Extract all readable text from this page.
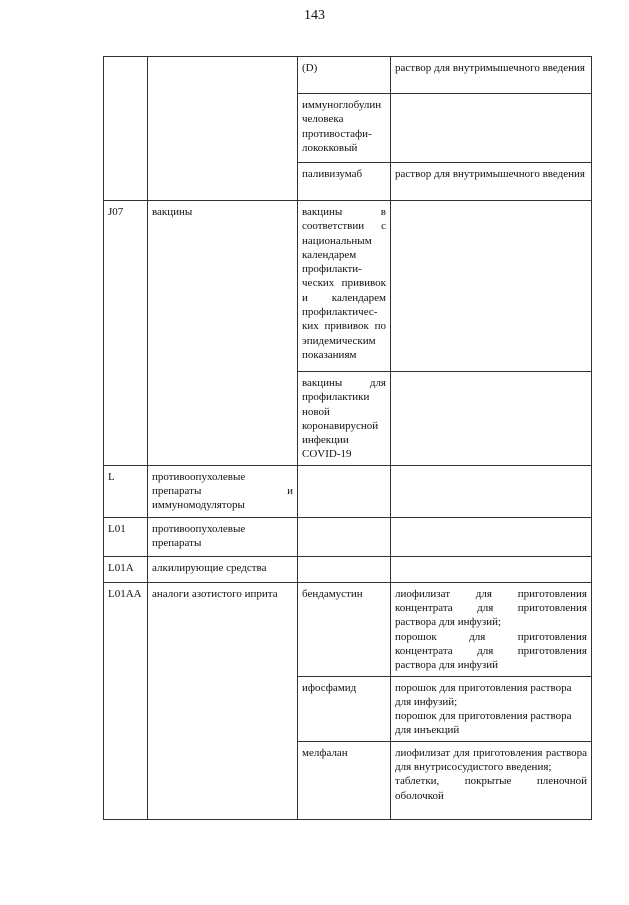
143
		(D)	раствор для внутримышечного введения

		иммуноглобулин человека противостафи-лококковый	
		паливизумаб	раствор для внутримышечного введения

J07	вакцины	вакцины в соответствии с национальным календарем профилакти-ческих прививок и календарем профилактичес-ких прививок по эпидемическим показаниям	
		вакцины для профилактики новой коронавирусной инфекции COVID-19	
L	противоопухолевые препараты и иммуномодуляторы		
L01	противоопухолевые препараты		
L01A	алкилирующие средства		
L01AA	аналоги азотистого иприта	бендамустин	лиофилизат для приготовления концентрата для приготовления раствора для инфузий;
порошок для приготовления концентрата для приготовления раствора для инфузий

		ифосфамид	порошок для приготовления раствора для инфузий;
порошок для приготовления раствора для инъекций

		мелфалан	лиофилизат для приготовления раствора для внутрисосудистого введения;
таблетки, покрытые пленочной оболочкой
